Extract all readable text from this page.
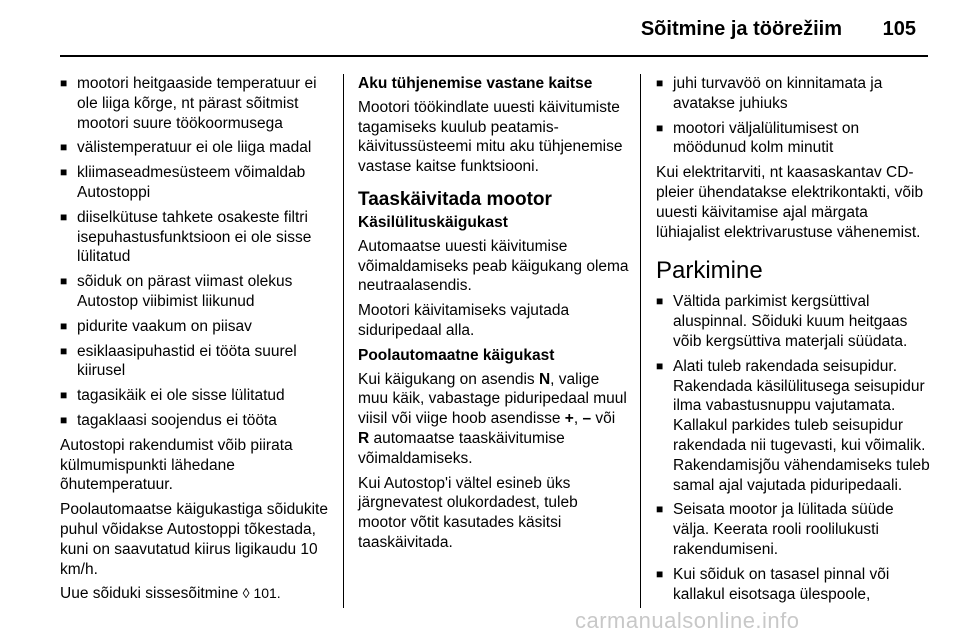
Sõitmine ja töörežiim 105
■ mootori heitgaaside temperatuur ei ole liiga kõrge, nt pärast sõitmist mootori suure töökoormusega
■ välistemperatuur ei ole liiga madal
■ kliimaseadmesüsteem võimaldab Autostoppi
■ diiselkütuse tahkete osakeste filtri isepuhastusfunktsioon ei ole sisse lülitatud
■ sõiduk on pärast viimast olekus Autostop viibimist liikunud
■ pidurite vaakum on piisav
■ esiklaasipuhastid ei tööta suurel kiirusel
■ tagasikäik ei ole sisse lülitatud
■ tagaklaasi soojendus ei tööta

Autostopi rakendumist võib piirata külmumispunkti lähedane õhutemperatuur.

Poolautomaatse käigukastiga sõidukite puhul võidakse Autostoppi tõkestada, kuni on saavutatud kiirus ligikaudu 10 km/h.

Uue sõiduki sissesõitmine ◊ 101.

Aku tühjenemise vastane kaitse

Mootori töökindlate uuesti käivitumiste tagamiseks kuulub peatamis-käivitussüsteemi mitu aku tühjenemise vastase kaitse funktsiooni.

Taaskäivitada mootor

Käsilülituskäigukast

Automaatse uuesti käivitumise võimaldamiseks peab käigukang olema neutraalasendis.

Mootori käivitamiseks vajutada siduripedaal alla.

Poolautomaatne käigukast

Kui käigukang on asendis N, valige muu käik, vabastage piduripedaal muul viisil või viige hoob asendisse +, – või R automaatse taaskäivitumise võimaldamiseks.

Kui Autostop'i vältel esineb üks järgnevatest olukordadest, tuleb mootor võtit kasutades käsitsi taaskäivitada.

■ juhi turvavöö on kinnitamata ja avatakse juhiuks
■ mootori väljalülitumisest on möödunud kolm minutit

Kui elektritarviti, nt kaasaskantav CD-pleier ühendatakse elektrikontakti, võib uuesti käivitamise ajal märgata lühiajalist elektrivarustuse vähenemist.

Parkimine
■ Vältida parkimist kergsüttival aluspinnal. Sõiduki kuum heitgaas võib kergsüttiva materjali süüdata.
■ Alati tuleb rakendada seisupidur. Rakendada käsilülitusega seisupidur ilma vabastusnuppu vajutamata. Kallakul parkides tuleb seisupidur rakendada nii tugevasti, kui võimalik. Rakendamisjõu vähendamiseks tuleb samal ajal vajutada piduripedaali.
■ Seisata mootor ja lülitada süüde välja. Keerata rooli roolilukusti rakendumiseni.
■ Kui sõiduk on tasasel pinnal või kallakul eisotsaga ülespoole,
carmanualsonline.info
